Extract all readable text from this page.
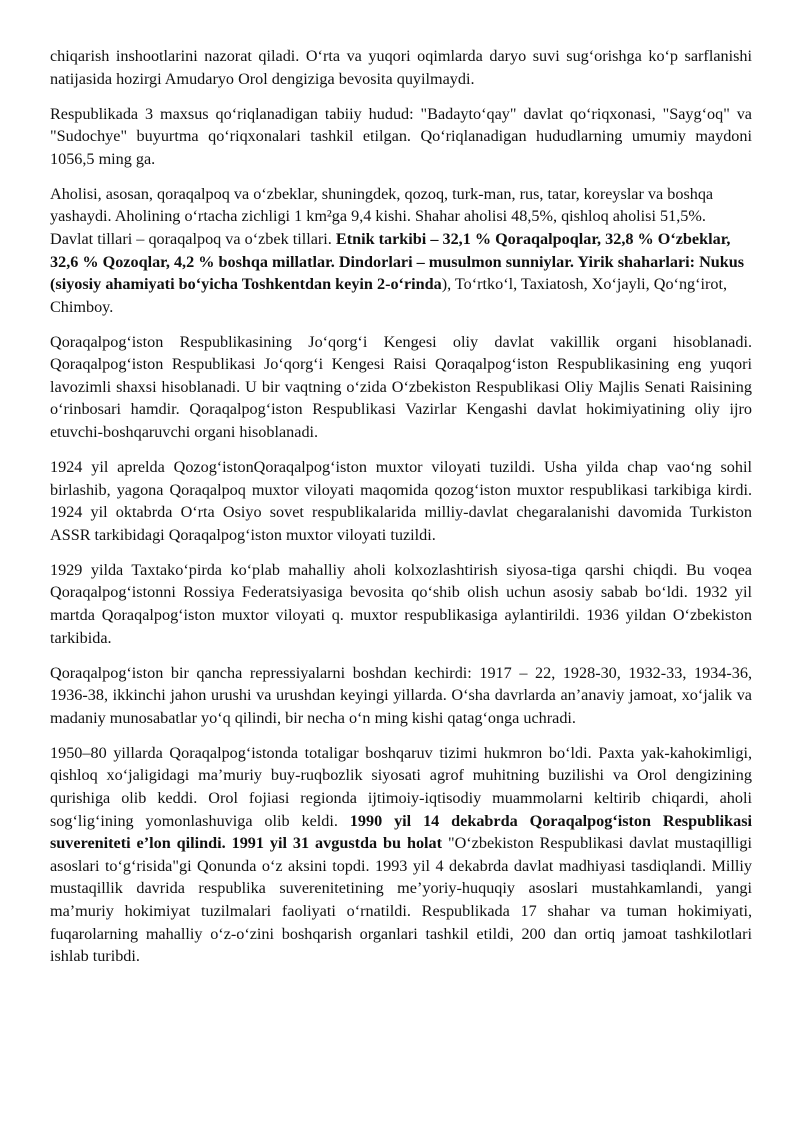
chiqarish inshootlarini nazorat qiladi. O‘rta va yuqori oqimlarda daryo suvi sug‘orishga ko‘p sarflanishi natijasida hozirgi Amudaryo Orol dengiziga bevosita quyilmaydi.

Respublikada 3 maxsus qo‘riqlanadigan tabiiy hudud: "Badayto‘qay" davlat qo‘riqxonasi, "Sayg‘oq" va "Sudochye" buyurtma qo‘riqxonalari tashkil etilgan. Qo‘riqlanadigan hududlarning umumiy maydoni 1056,5 ming ga.

Aholisi, asosan, qoraqalpoq va o‘zbeklar, shuningdek, qozoq, turk-man, rus, tatar, koreyslar va boshqa yashaydi. Aholining o‘rtacha zichligi 1 km²ga 9,4 kishi. Shahar aholisi 48,5%, qishloq aholisi 51,5%. Davlat tillari – qoraqalpoq va o‘zbek tillari. Etnik tarkibi – 32,1 % Qoraqalpoqlar, 32,8 % O‘zbeklar, 32,6 % Qozoqlar, 4,2 % boshqa millatlar. Dindorlari – musulmon sunniylar. Yirik shaharlari: Nukus (siyosiy ahamiyati bo‘yicha Toshkentdan keyin 2-o‘rinda), To‘rtko‘l, Taxiatosh, Xo‘jayli, Qo‘ng‘irot, Chimboy.

Qoraqalpog‘iston Respublikasining Jo‘qorg‘i Kengesi oliy davlat vakillik organi hisoblanadi. Qoraqalpog‘iston Respublikasi Jo‘qorg‘i Kengesi Raisi Qoraqalpog‘iston Respublikasining eng yuqori lavozimli shaxsi hisoblanadi. U bir vaqtning o‘zida O‘zbekiston Respublikasi Oliy Majlis Senati Raisining o‘rinbosari hamdir. Qoraqalpog‘iston Respublikasi Vazirlar Kengashi davlat hokimiyatining oliy ijro etuvchi-boshqaruvchi organi hisoblanadi.

1924 yil aprelda Qozog‘istonQoraqalpog‘iston muxtor viloyati tuzildi. Usha yilda chap vao‘ng sohil birlashib, yagona Qoraqalpoq muxtor viloyati maqomida qozog‘iston muxtor respublikasi tarkibiga kirdi. 1924 yil oktabrda O‘rta Osiyo sovet respublikalarida milliy-davlat chegaralanishi davomida Turkiston ASSR tarkibidagi Qoraqalpog‘iston muxtor viloyati tuzildi.

1929 yilda Taxtako‘pirda ko‘plab mahalliy aholi kolxozlashtirish siyosa-tiga qarshi chiqdi. Bu voqea Qoraqalpog‘istonni Rossiya Federatsiyasiga bevosita qo‘shib olish uchun asosiy sabab bo‘ldi. 1932 yil martda Qoraqalpog‘iston muxtor viloyati q. muxtor respublikasiga aylantirildi. 1936 yildan O‘zbekiston tarkibida.

Qoraqalpog‘iston bir qancha repressiyalarni boshdan kechirdi: 1917 – 22, 1928-30, 1932-33, 1934-36, 1936-38, ikkinchi jahon urushi va urushdan keyingi yillarda. O‘sha davrlarda an’anaviy jamoat, xo‘jalik va madaniy munosabatlar yo‘q qilindi, bir necha o‘n ming kishi qatag‘onga uchradi.

1950–80 yillarda Qoraqalpog‘istonda totaligar boshqaruv tizimi hukmron bo‘ldi. Paxta yak-kahokimligi, qishloq xo‘jaligidagi ma’muriy buy-ruqbozlik siyosati agrof muhitning buzilishi va Orol dengizining qurishiga olib keddi. Orol fojiasi regionda ijtimoiy-iqtisodiy muammolarni keltirib chiqardi, aholi sog‘lig‘ining yomonlashuviga olib keldi. 1990 yil 14 dekabrda Qoraqalpog‘iston Respublikasi suvereniteti e’lon qilindi. 1991 yil 31 avgustda bu holat "O‘zbekiston Respublikasi davlat mustaqilligi asoslari to‘g‘risida"gi Qonunda o‘z aksini topdi. 1993 yil 4 dekabrda davlat madhiyasi tasdiqlandi. Milliy mustaqillik davrida respublika suverenitetining me’yoriy-huquqiy asoslari mustahkamlandi, yangi ma’muriy hokimiyat tuzilmalari faoliyati o‘rnatildi. Respublikada 17 shahar va tuman hokimiyati, fuqarolarning mahalliy o‘z-o‘zini boshqarish organlari tashkil etildi, 200 dan ortiq jamoat tashkilotlari ishlab turibdi.
